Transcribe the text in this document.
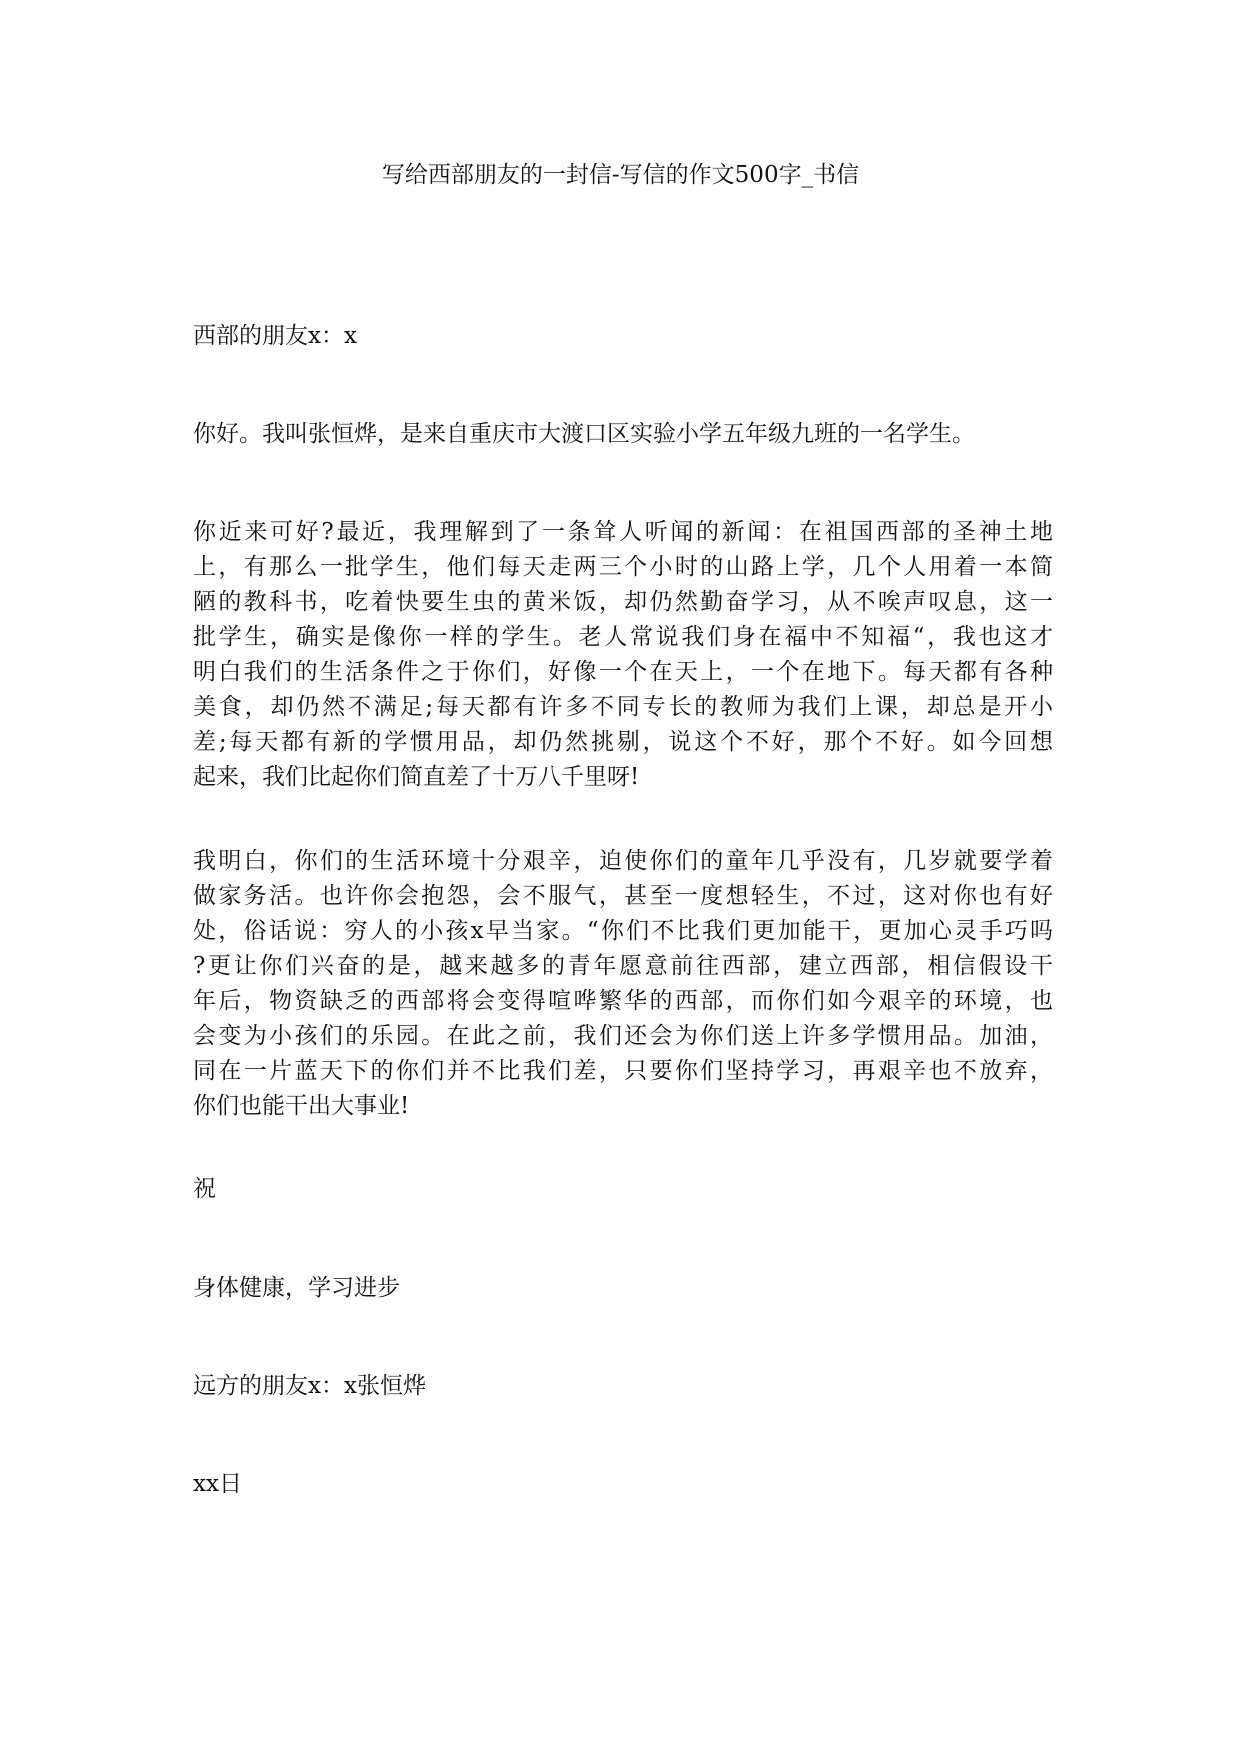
写给西部朋友的一封信-写信的作文500字_书信

西部的朋友x：x

你好。我叫张恒烨，是来自重庆市大渡口区实验小学五年级九班的一名学生。

你近来可好?最近，我理解到了一条耸人听闻的新闻：在祖国西部的圣神土地
上，有那么一批学生，他们每天走两三个小时的山路上学，几个人用着一本简
陋的教科书，吃着快要生虫的黄米饭，却仍然勤奋学习，从不唉声叹息，这一
批学生，确实是像你一样的学生。老人常说我们身在福中不知福“，我也这才
明白我们的生活条件之于你们，好像一个在天上，一个在地下。每天都有各种
美食，却仍然不满足;每天都有许多不同专长的教师为我们上课，却总是开小
差;每天都有新的学惯用品，却仍然挑剔，说这个不好，那个不好。如今回想
起来，我们比起你们简直差了十万八千里呀!

我明白，你们的生活环境十分艰辛，迫使你们的童年几乎没有，几岁就要学着
做家务活。也许你会抱怨，会不服气，甚至一度想轻生，不过，这对你也有好
处，俗话说：穷人的小孩x早当家。“你们不比我们更加能干，更加心灵手巧吗
?更让你们兴奋的是，越来越多的青年愿意前往西部，建立西部，相信假设干
年后，物资缺乏的西部将会变得喧哗繁华的西部，而你们如今艰辛的环境，也
会变为小孩们的乐园。在此之前，我们还会为你们送上许多学惯用品。加油，
同在一片蓝天下的你们并不比我们差，只要你们坚持学习，再艰辛也不放弃，
你们也能干出大事业!

祝

身体健康，学习进步

远方的朋友x：x张恒烨

xx日
